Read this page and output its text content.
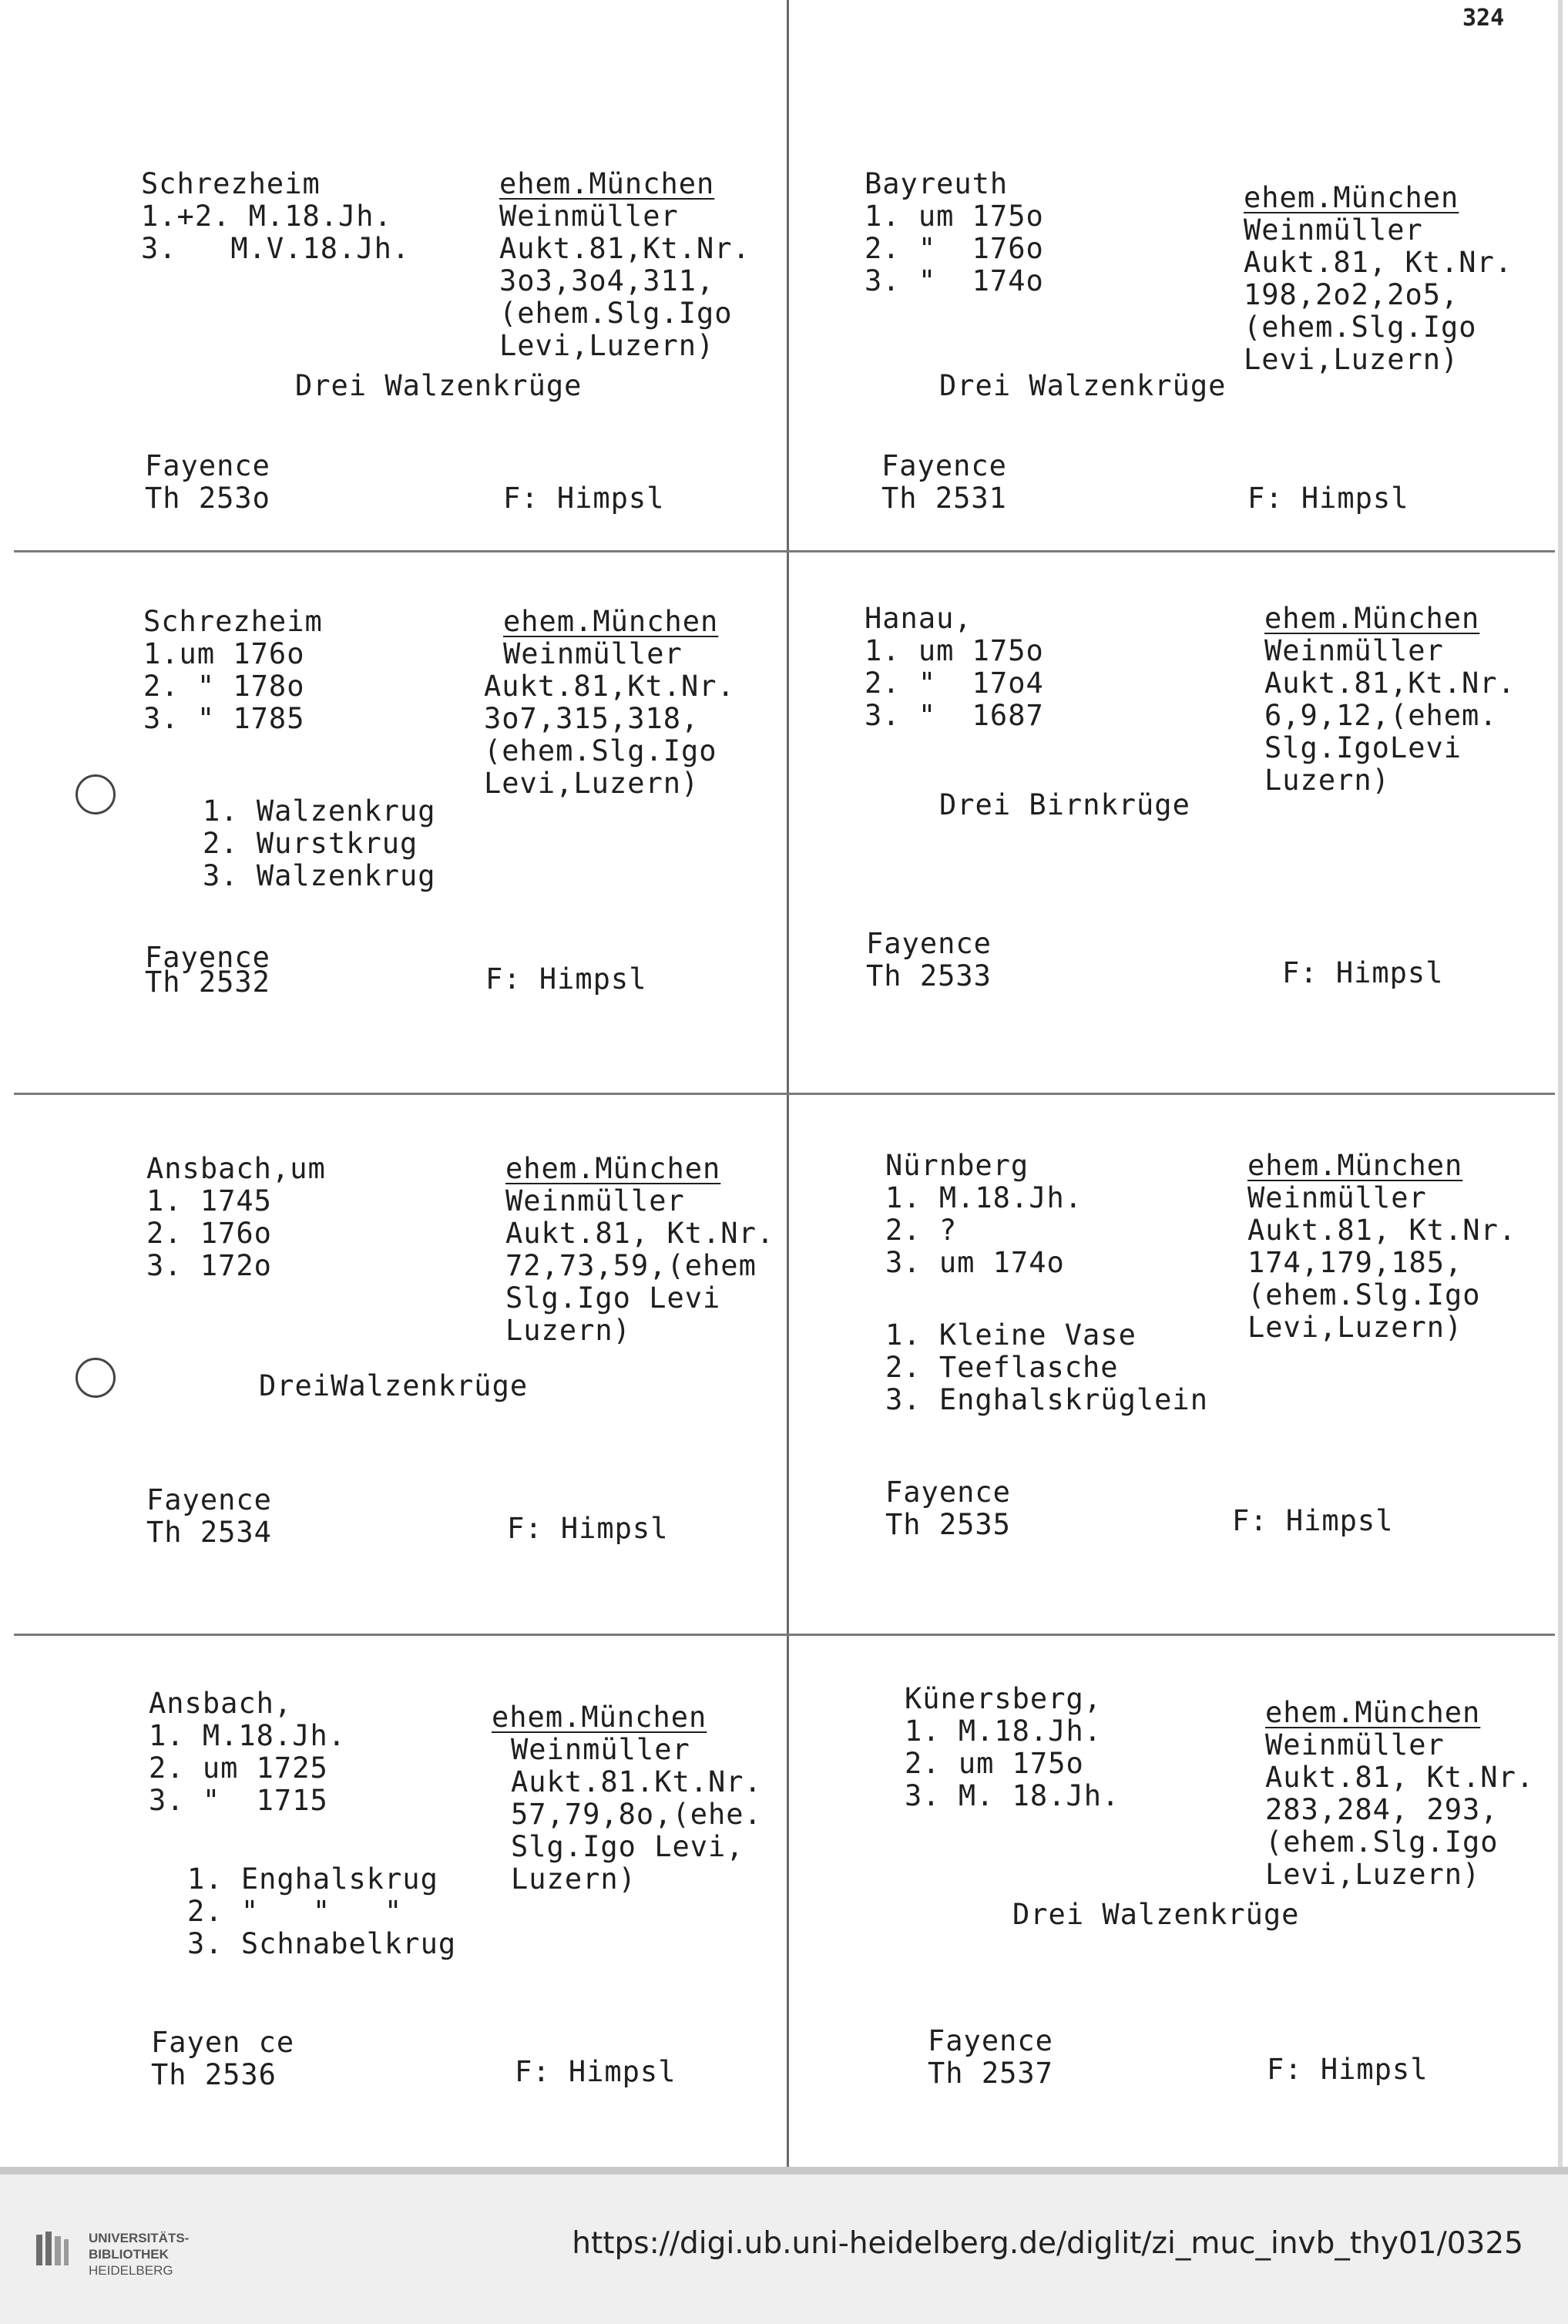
324
Schrezheim
1.+2. M.18.Jh.
3.   M.V.18.Jh.
ehem.München
Weinmüller
Aukt.81,Kt.Nr.
3o3,3o4,311,
(ehem.Slg.Igo
Levi,Luzern)
Drei Walzenkrüge
Fayence
Th 253o	F: Himpsl
Bayreuth
1. um 175o
2. "  176o
3. "  174o
ehem.München
Weinmüller
Aukt.81, Kt.Nr.
198,2o2,2o5,
(ehem.Slg.Igo
Levi,Luzern)
Drei Walzenkrüge
Fayence
Th 2531	F: Himpsl
Schrezheim
1.um 176o
2. " 178o
3. " 1785
ehem.München
Weinmüller
Aukt.81,Kt.Nr.
3o7,315,318,
(ehem.Slg.Igo
Levi,Luzern)
1. Walzenkrug
2. Wurstkrug
3. Walzenkrug
Fayence
Th 2532	F: Himpsl
Hanau,
1. um 175o
2. "  17o4
3. "  1687
ehem.München
Weinmüller
Aukt.81,Kt.Nr.
6,9,12,(ehem.
Slg.IgoLevi
Luzern)
Drei Birnkrüge
Fayence
Th 2533	F: Himpsl
Ansbach,um
1. 1745
2. 176o
3. 172o
ehem.München
Weinmüller
Aukt.81, Kt.Nr.
72,73,59,(ehem
Slg.Igo Levi
Luzern)
DreiWalzenkrüge
Fayence
Th 2534	F: Himpsl
Nürnberg
1. M.18.Jh.
2. ?
3. um 174o
ehem.München
Weinmüller
Aukt.81, Kt.Nr.
174,179,185,
(ehem.Slg.Igo
Levi,Luzern)
1. Kleine Vase
2. Teeflasche
3. Enghalskrüglein
Fayence
Th 2535	F: Himpsl
Ansbach,
1. M.18.Jh.
2. um 1725
3. "  1715
ehem.München
Weinmüller
Aukt.81.Kt.Nr.
57,79,8o,(ehe.
Slg.Igo Levi,
Luzern)
1. Enghalskrug
2. "   "   "
3. Schnabelkrug
Fayen ce
Th 2536	F: Himpsl
Künersberg,
1. M.18.Jh.
2. um 175o
3. M. 18.Jh.
ehem.München
Weinmüller
Aukt.81, Kt.Nr.
283,284, 293,
(ehem.Slg.Igo
Levi,Luzern)
Drei Walzenkrüge
Fayence
Th 2537	F: Himpsl
UNIVERSITÄTS-
BIBLIOTHEK
HEIDELBERG
https://digi.ub.uni-heidelberg.de/diglit/zi_muc_invb_thy01/0325
